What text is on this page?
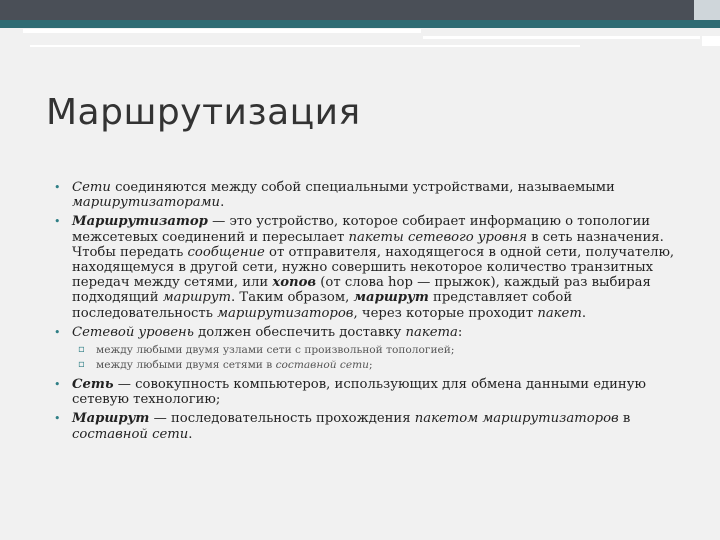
Маршрутизация
• Сети соединяются между собой специальными устройствами, называемыми маршрутизаторами.
• Маршрутизатор — это устройство, которое собирает информацию о топологии межсетевых соединений и пересылает пакеты сетевого уровня в сеть назначения. Чтобы передать сообщение от отправителя, находящегося в одной сети, получателю, находящемуся в другой сети, нужно совершить некоторое количество транзитных передач между сетями, или хопов (от слова hop — прыжок), каждый раз выбирая подходящий маршрут. Таким образом, маршрут представляет собой последовательность маршрутизаторов, через которые проходит пакет.
• Сетевой уровень должен обеспечить доставку пакета:
▫ между любыми двумя узлами сети с произвольной топологией;
▫ между любыми двумя сетями в составной сети;
• Сеть — совокупность компьютеров, использующих для обмена данными единую сетевую технологию;
• Маршрут — последовательность прохождения пакетом маршрутизаторов в составной сети.
